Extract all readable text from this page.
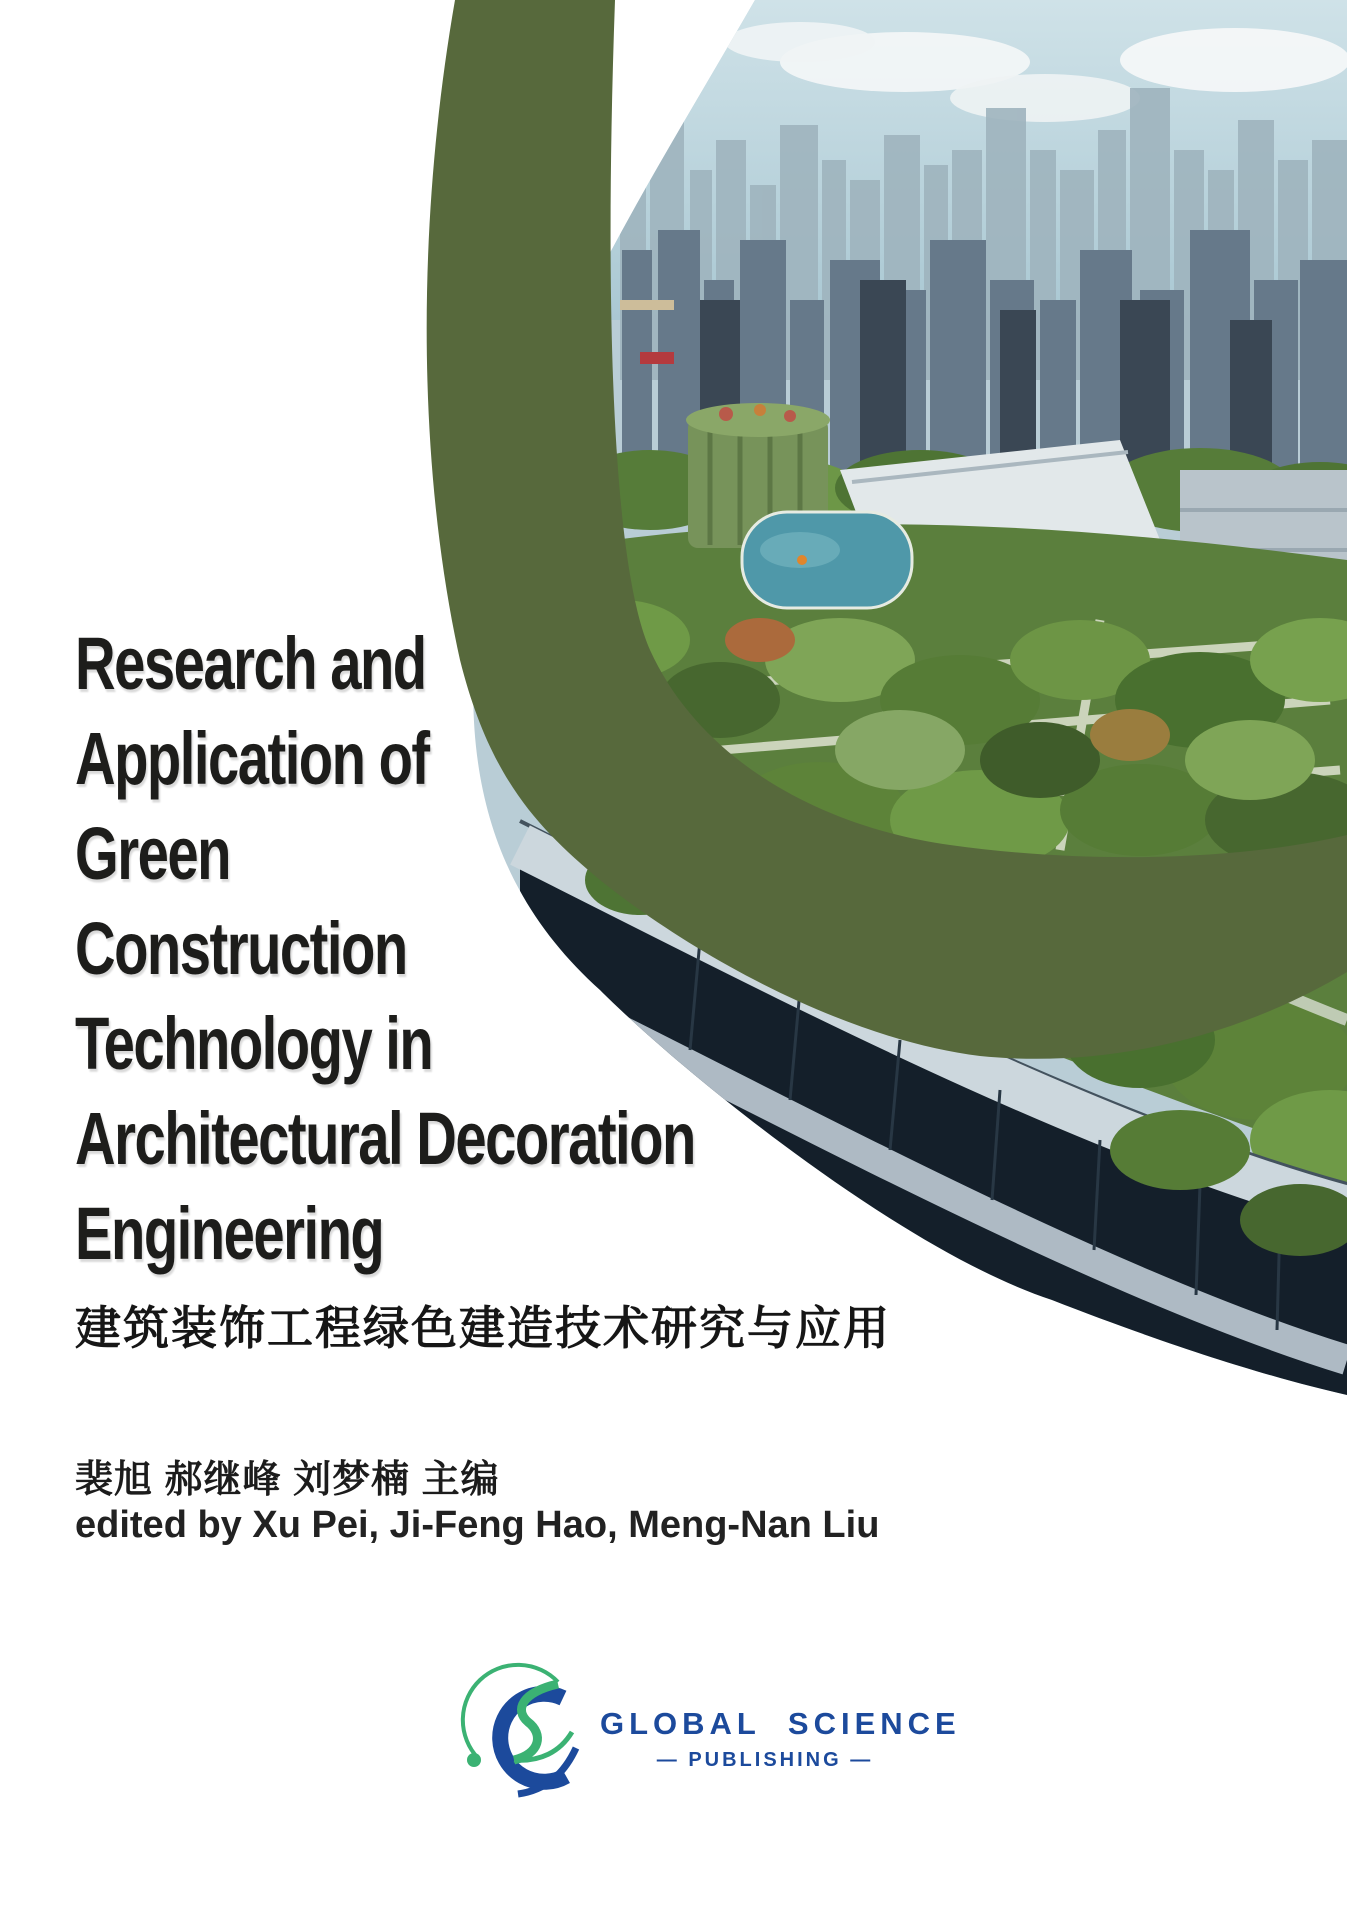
Research and
Application of
Green
Construction
Technology in
Architectural Decoration
Engineering
建筑装饰工程绿色建造技术研究与应用
裴旭 郝继峰 刘梦楠 主编
edited by Xu Pei, Ji-Feng Hao, Meng-Nan Liu
GLOBAL SCIENCE
— PUBLISHING —
